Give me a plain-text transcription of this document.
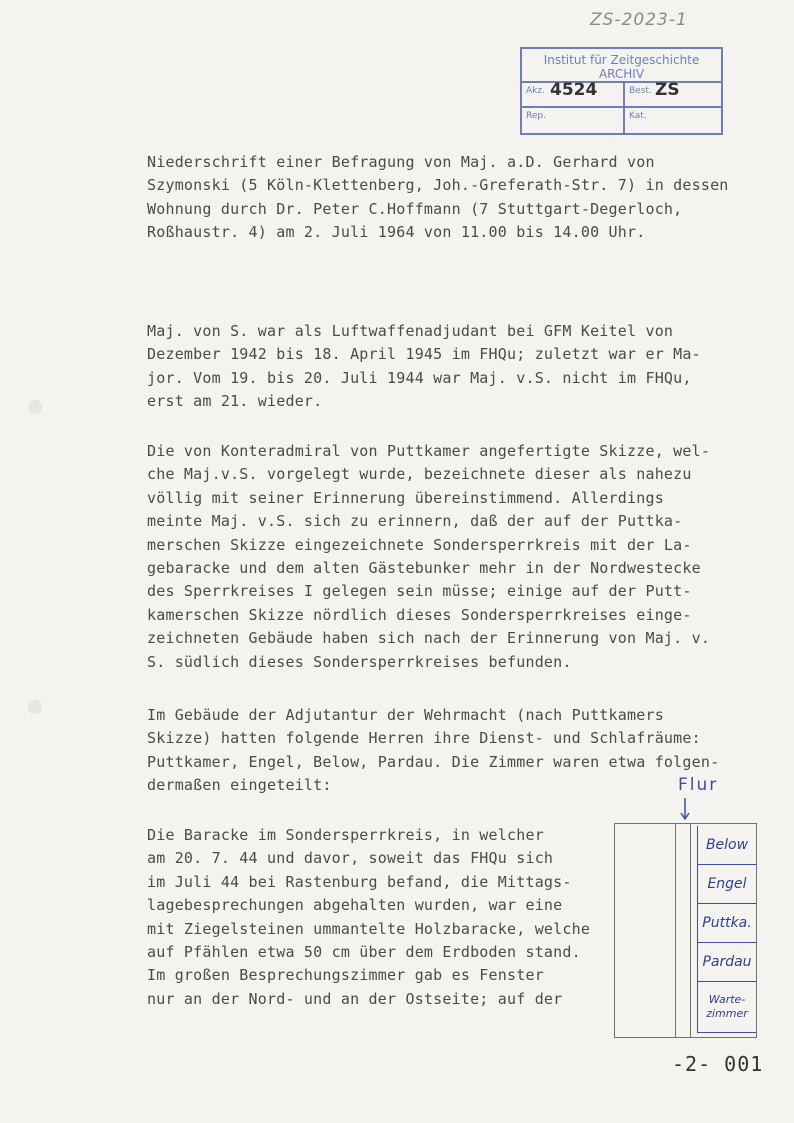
ZS-2023-1
Institut für Zeitgeschichte ARCHIV
Akz. 4524	Best. ZS
Rep.	Kat.

Niederschrift einer Befragung von Maj. a.D. Gerhard von
Szymonski (5 Köln-Klettenberg, Joh.-Greferath-Str. 7) in dessen
Wohnung durch Dr. Peter C.Hoffmann (7 Stuttgart-Degerloch,
Roßhaustr. 4) am 2. Juli 1964 von 11.00 bis 14.00 Uhr.

Maj. von S. war als Luftwaffenadjudant bei GFM Keitel von
Dezember 1942 bis 18. April 1945 im FHQu; zuletzt war er Ma-
jor. Vom 19. bis 20. Juli 1944 war Maj. v.S. nicht im FHQu,
erst am 21. wieder.

Die von Konteradmiral von Puttkamer angefertigte Skizze, wel-
che Maj.v.S. vorgelegt wurde, bezeichnete dieser als nahezu
völlig mit seiner Erinnerung übereinstimmend. Allerdings
meinte Maj. v.S. sich zu erinnern, daß der auf der Puttka-
merschen Skizze eingezeichnete Sondersperrkreis mit der La-
gebaracke und dem alten Gästebunker mehr in der Nordwestecke
des Sperrkreises I gelegen sein müsse; einige auf der Putt-
kamerschen Skizze nördlich dieses Sondersperrkreises einge-
zeichneten Gebäude haben sich nach der Erinnerung von Maj. v.
S. südlich dieses Sondersperrkreises befunden.

Im Gebäude der Adjutantur der Wehrmacht (nach Puttkamers
Skizze) hatten folgende Herren ihre Dienst- und Schlafräume:
Puttkamer, Engel, Below, Pardau. Die Zimmer waren etwa folgen-
dermaßen eingeteilt:

Die Baracke im Sondersperrkreis, in welcher
am 20. 7. 44 und davor, soweit das FHQu sich
im Juli 44 bei Rastenburg befand, die Mittags-
lagebesprechungen abgehalten wurden, war eine
mit Ziegelsteinen ummantelte Holzbaracke, welche
auf Pfählen etwa 50 cm über dem Erdboden stand.
Im großen Besprechungszimmer gab es Fenster
nur an der Nord- und an der Ostseite; auf der

Flur
Below
Engel
Puttka.
Pardau
Warte-zimmer
-2- 001
